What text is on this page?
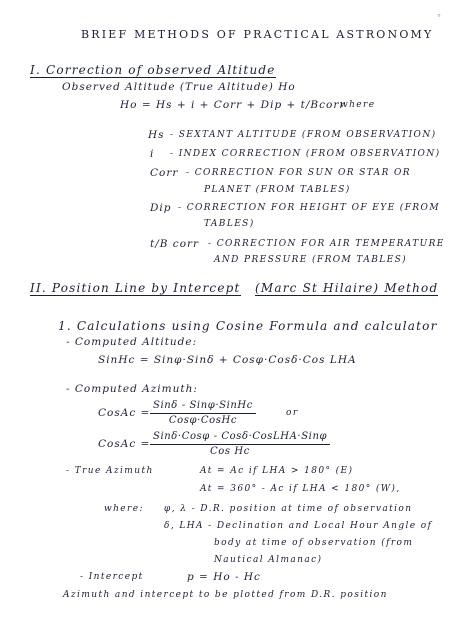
BRIEF METHODS OF PRACTICAL ASTRONOMY
°
I. Correction of observed Altitude
Observed Altitude (True Altitude) Ho
Ho = Hs + i + Corr + Dip + t/Bcorr
where
Hs - SEXTANT ALTITUDE (FROM OBSERVATION)
i - INDEX CORRECTION (FROM OBSERVATION)
Corr - CORRECTION FOR SUN OR STAR OR
PLANET (FROM TABLES)
Dip - CORRECTION FOR HEIGHT OF EYE (FROM
TABLES)
t/B corr - CORRECTION FOR AIR TEMPERATURE
AND PRESSURE (FROM TABLES)
II. Position Line by Intercept (Marc St Hilaire) Method
1. Calculations using Cosine Formula and calculator
- Computed Altitude:
SinHc = Sinφ·Sinδ + Cosφ·Cosδ·Cos LHA
- Computed Azimuth:
CosAc =
Sinδ - Sinφ·SinHc
Cosφ·CosHc
or
CosAc =
Sinδ·Cosφ - Cosδ·CosLHA·Sinφ
Cos Hc
- True Azimuth	At = Ac if LHA > 180° (E)
At = 360° - Ac if LHA < 180° (W),
where: φ, λ - D.R. position at time of observation
δ, LHA - Declination and Local Hour Angle of
body at time of observation (from
Nautical Almanac)
- Intercept	p = Ho - Hc
Azimuth and intercept to be plotted from D.R. position
